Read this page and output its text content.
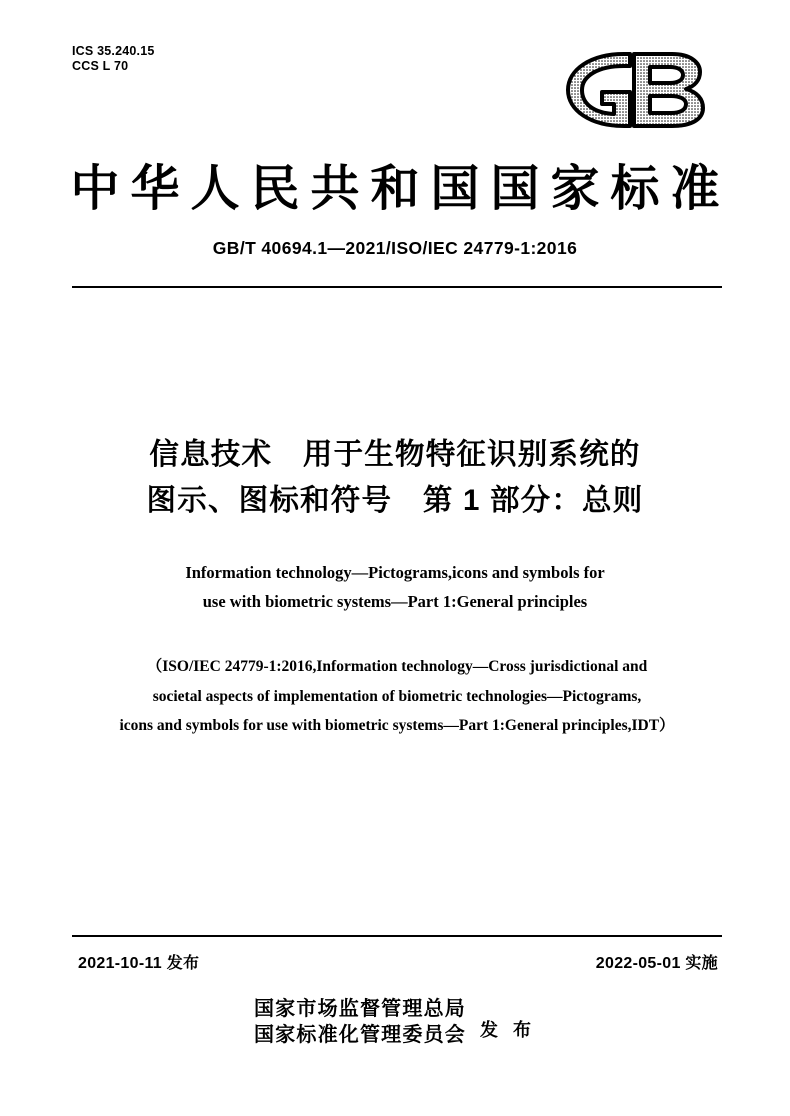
ICS 35.240.15
CCS L 70
中华人民共和国国家标准
GB/T 40694.1—2021/ISO/IEC 24779-1:2016
信息技术　用于生物特征识别系统的
图示、图标和符号　第 1 部分：总则
Information technology—Pictograms,icons and symbols for
use with biometric systems—Part 1:General principles
（ISO/IEC 24779-1:2016,Information technology—Cross jurisdictional and
societal aspects of implementation of biometric technologies—Pictograms,
icons and symbols for use with biometric systems—Part 1:General principles,IDT）
2021-10-11 发布	2022-05-01 实施
国家市场监督管理总局
国家标准化管理委员会 发 布
